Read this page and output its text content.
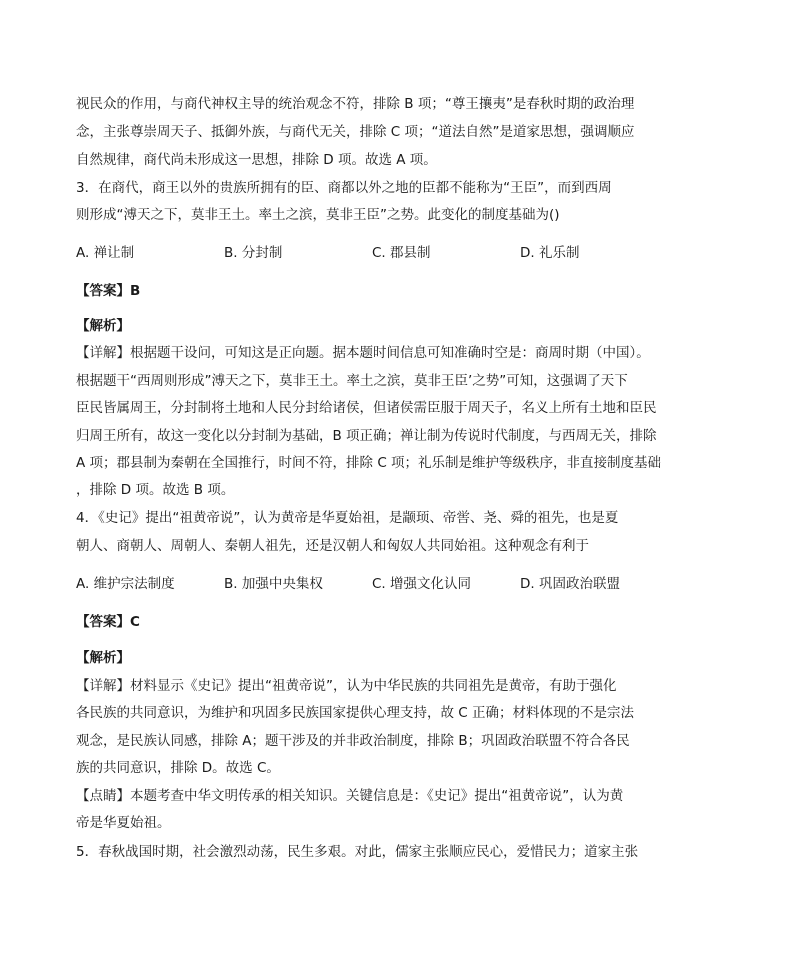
视民众的作用，与商代神权主导的统治观念不符，排除 B 项；“尊王攘夷”是春秋时期的政治理
念，主张尊崇周天子、抵御外族，与商代无关，排除 C 项；“道法自然”是道家思想，强调顺应
自然规律，商代尚未形成这一思想，排除 D 项。故选 A 项。
3．在商代，商王以外的贵族所拥有的臣、商都以外之地的臣都不能称为“王臣”，而到西周
则形成“溥天之下，莫非王土。率土之滨，莫非王臣”之势。此变化的制度基础为()
A. 禅让制	B. 分封制	C. 郡县制	D. 礼乐制
【答案】B
【解析】
【详解】根据题干设问，可知这是正向题。据本题时间信息可知准确时空是：商周时期（中国）。
根据题干“西周则形成”溥天之下，莫非王土。率土之滨，莫非王臣’之势”可知，这强调了天下
臣民皆属周王，分封制将土地和人民分封给诸侯，但诸侯需臣服于周天子，名义上所有土地和臣民
归周王所有，故这一变化以分封制为基础，B 项正确；禅让制为传说时代制度，与西周无关，排除
A 项；郡县制为秦朝在全国推行，时间不符，排除 C 项；礼乐制是维护等级秩序，非直接制度基础
，排除 D 项。故选 B 项。
4．《史记》提出“祖黄帝说”，认为黄帝是华夏始祖，是颛顼、帝喾、尧、舜的祖先，也是夏
朝人、商朝人、周朝人、秦朝人祖先，还是汉朝人和匈奴人共同始祖。这种观念有利于
A. 维护宗法制度	B. 加强中央集权	C. 增强文化认同	D. 巩固政治联盟
【答案】C
【解析】
【详解】材料显示《史记》提出“祖黄帝说”，认为中华民族的共同祖先是黄帝，有助于强化
各民族的共同意识，为维护和巩固多民族国家提供心理支持，故 C 正确；材料体现的不是宗法
观念，是民族认同感，排除 A；题干涉及的并非政治制度，排除 B；巩固政治联盟不符合各民
族的共同意识，排除 D。故选 C。
【点睛】本题考查中华文明传承的相关知识。关键信息是：《史记》提出“祖黄帝说”，认为黄
帝是华夏始祖。
5．春秋战国时期，社会激烈动荡，民生多艰。对此，儒家主张顺应民心，爱惜民力；道家主张
